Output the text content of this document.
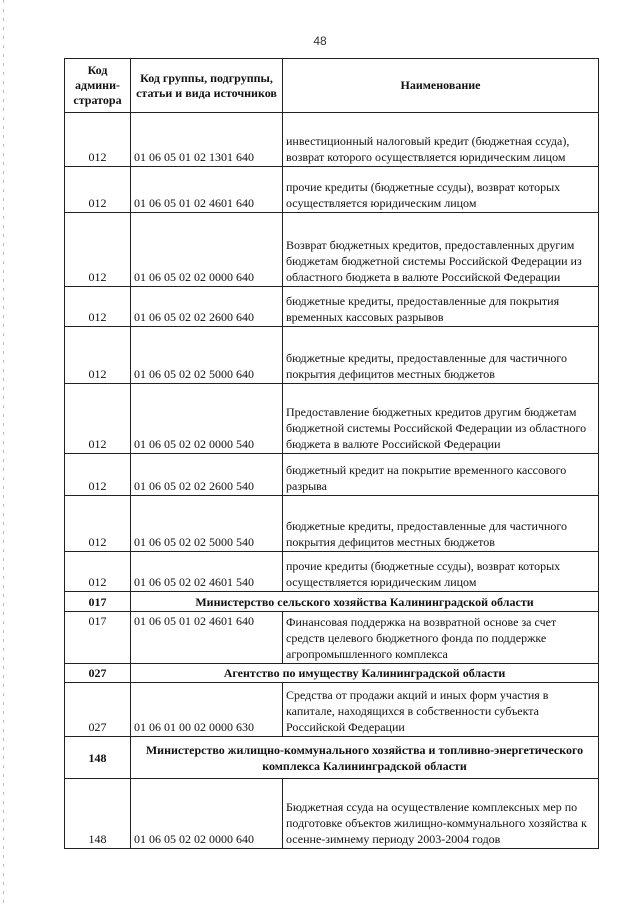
48
Код админи-стратора	Код группы, подгруппы, статьи и вида источников	Наименование
012	01 06 05 01 02 1301 640	инвестиционный налоговый кредит (бюджетная ссуда), возврат которого осуществляется юридическим лицом
012	01 06 05 01 02 4601 640	прочие кредиты (бюджетные ссуды), возврат которых осуществляется юридическим лицом
012	01 06 05 02 02 0000 640	Возврат бюджетных кредитов, предоставленных другим бюджетам бюджетной системы Российской Федерации из областного бюджета в валюте Российской Федерации
012	01 06 05 02 02 2600 640	бюджетные кредиты, предоставленные для покрытия временных кассовых разрывов
012	01 06 05 02 02 5000 640	бюджетные кредиты, предоставленные для частичного покрытия дефицитов местных бюджетов
012	01 06 05 02 02 0000 540	Предоставление бюджетных кредитов другим бюджетам бюджетной системы Российской Федерации из областного бюджета в валюте Российской Федерации
012	01 06 05 02 02 2600 540	бюджетный кредит на покрытие временного кассового разрыва
012	01 06 05 02 02 5000 540	бюджетные кредиты, предоставленные для частичного покрытия дефицитов местных бюджетов
012	01 06 05 02 02 4601 540	прочие кредиты (бюджетные ссуды), возврат которых осуществляется юридическим лицом
017	Министерство сельского хозяйства Калининградской области	
017	01 06 05 01 02 4601 640	Финансовая поддержка на возвратной основе за счет средств целевого бюджетного фонда по поддержке агропромышленного комплекса
027	Агентство по имуществу Калининградской области	
027	01 06 01 00 02 0000 630	Средства от продажи акций и иных форм участия в капитале, находящихся в собственности субъекта Российской Федерации
148	Министерство жилищно-коммунального хозяйства и топливно-энергетического комплекса Калининградской области	
148	01 06 05 02 02 0000 640	Бюджетная ссуда на осуществление комплексных мер по подготовке объектов жилищно-коммунального хозяйства к осенне-зимнему периоду 2003-2004 годов
